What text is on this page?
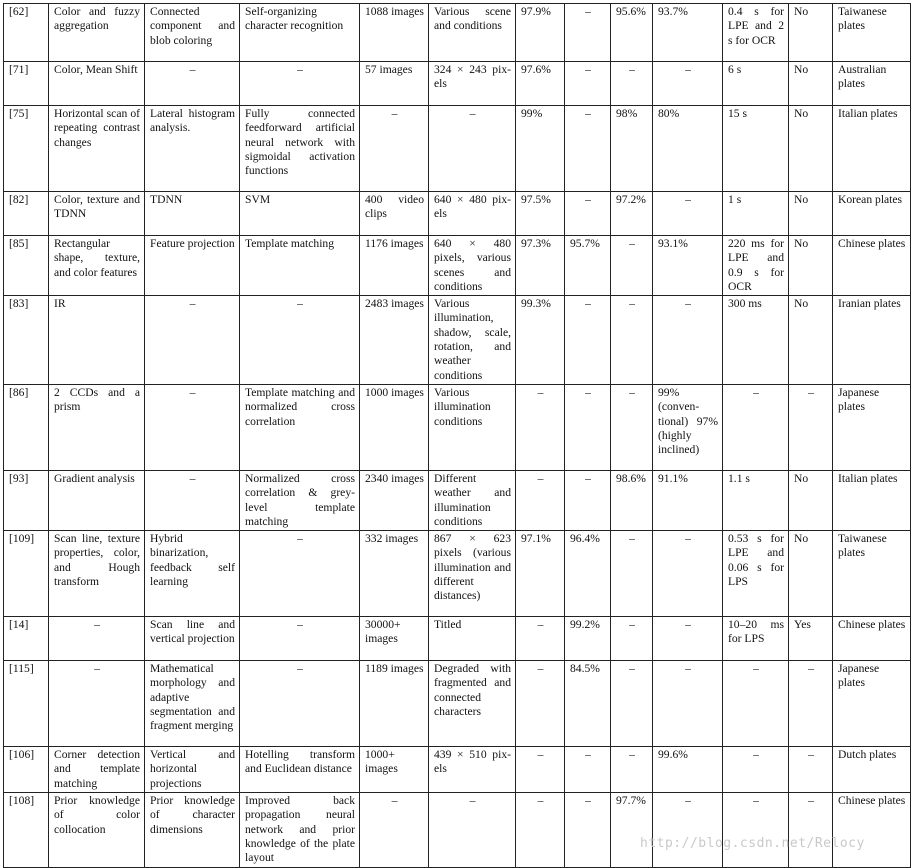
[62]	Color and fuzzy aggregation	Connected component and blob coloring	Self-organizing character recognition	1088 images	Various scene and conditions	97.9%	–	95.6%	93.7%	0.4 s for LPE and 2 s for OCR	No	Taiwanese plates
[71]	Color, Mean Shift	–	–	57 images	324 × 243 pixels	97.6%	–	–	–	6 s	No	Australian plates
[75]	Horizontal scan of repeating contrast changes	Lateral histogram analysis.	Fully connected feedforward artificial neural network with sigmoidal activation functions	–	–	99%	–	98%	80%	15 s	No	Italian plates
[82]	Color, texture and TDNN	TDNN	SVM	400 video clips	640 × 480 pixels	97.5%	–	97.2%	–	1 s	No	Korean plates
[85]	Rectangular shape, texture, and color features	Feature projection	Template matching	1176 images	640 × 480 pixels, various scenes and conditions	97.3%	95.7%	–	93.1%	220 ms for LPE and 0.9 s for OCR	No	Chinese plates
[83]	IR	–	–	2483 images	Various illumination, shadow, scale, rotation, and weather conditions	99.3%	–	–	–	300 ms	No	Iranian plates
[86]	2 CCDs and a prism	–	Template matching and normalized cross correlation	1000 images	Various illumination conditions	–	–	–	99% (conventional) 97% (highly inclined)	–	–	Japanese plates
[93]	Gradient analysis	–	Normalized cross correlation & grey-level template matching	2340 images	Different weather and illumination conditions	–	–	98.6%	91.1%	1.1 s	No	Italian plates
[109]	Scan line, texture properties, color, and Hough transform	Hybrid binarization, feedback self learning	–	332 images	867 × 623 pixels (various illumination and different distances)	97.1%	96.4%	–	–	0.53 s for LPE and 0.06 s for LPS	No	Taiwanese plates
[14]	–	Scan line and vertical projection	–	30000+ images	Titled	–	99.2%	–	–	10–20 ms for LPS	Yes	Chinese plates
[115]	–	Mathematical morphology and adaptive segmentation and fragment merging	–	1189 images	Degraded with fragmented and connected characters	–	84.5%	–	–	–	–	Japanese plates
[106]	Corner detection and template matching	Vertical and horizontal projections	Hotelling transform and Euclidean distance	1000+ images	439 × 510 pixels	–	–	–	99.6%	–	–	Dutch plates
[108]	Prior knowledge of color collocation	Prior knowledge of character dimensions	Improved back propagation neural network and prior knowledge of the plate layout	–	–	–	–	97.7%	–	–	–	Chinese plates
http://blog.csdn.net/Relocy
